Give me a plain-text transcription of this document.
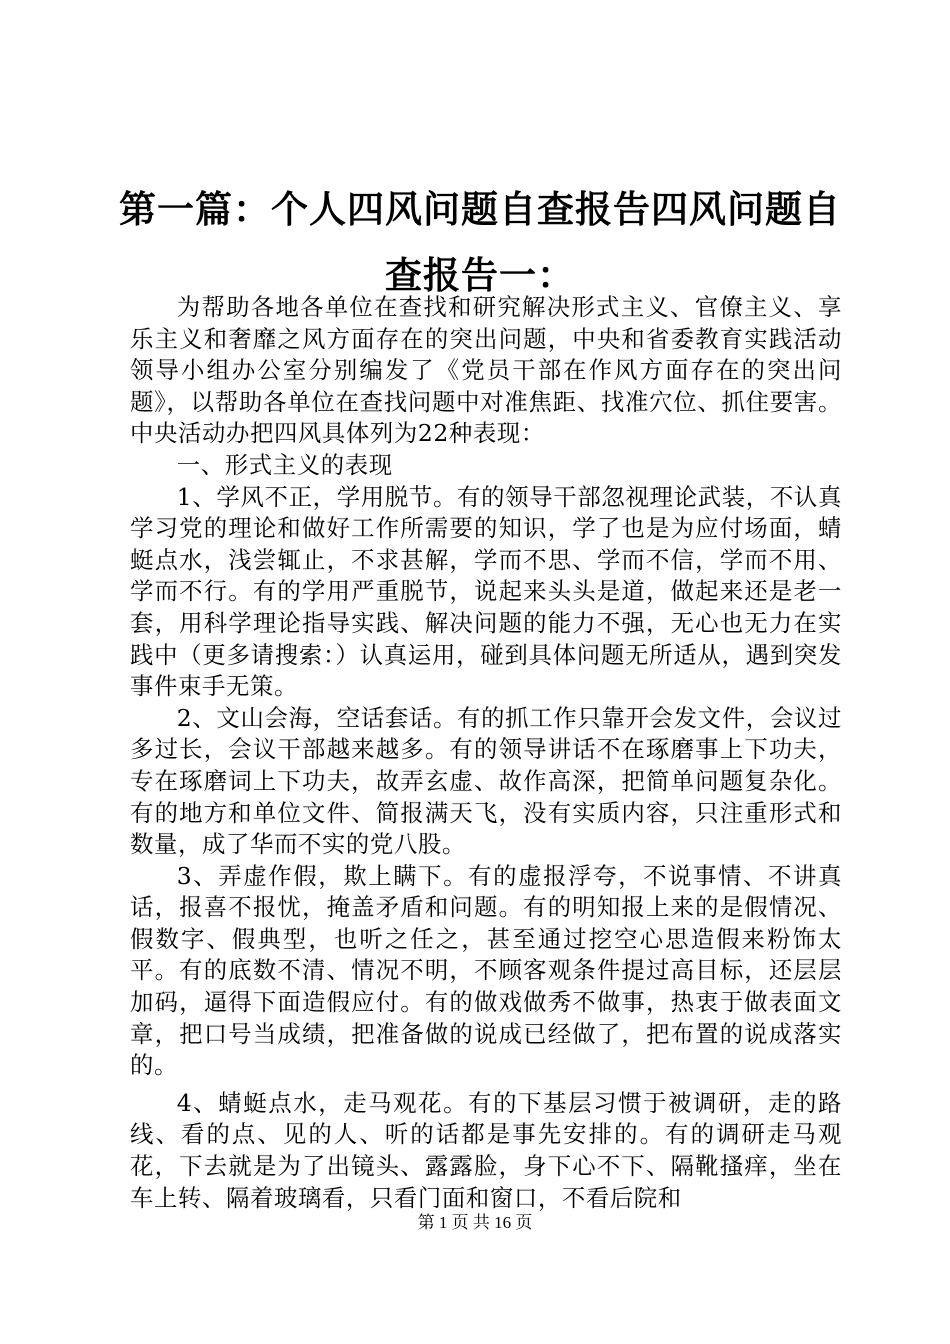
第一篇：个人四风问题自查报告四风问题自查报告一：

为帮助各地各单位在查找和研究解决形式主义、官僚主义、享乐主义和奢靡之风方面存在的突出问题，中央和省委教育实践活动领导小组办公室分别编发了《党员干部在作风方面存在的突出问题》，以帮助各单位在查找问题中对准焦距、找准穴位、抓住要害。中央活动办把四风具体列为22种表现：

一、形式主义的表现

1、学风不正，学用脱节。有的领导干部忽视理论武装，不认真学习党的理论和做好工作所需要的知识，学了也是为应付场面，蜻蜓点水，浅尝辄止，不求甚解，学而不思、学而不信，学而不用、学而不行。有的学用严重脱节，说起来头头是道，做起来还是老一套，用科学理论指导实践、解决问题的能力不强，无心也无力在实践中（更多请搜索：）认真运用，碰到具体问题无所适从，遇到突发事件束手无策。

2、文山会海，空话套话。有的抓工作只靠开会发文件，会议过多过长，会议干部越来越多。有的领导讲话不在琢磨事上下功夫，专在琢磨词上下功夫，故弄玄虚、故作高深，把简单问题复杂化。有的地方和单位文件、简报满天飞，没有实质内容，只注重形式和数量，成了华而不实的党八股。

3、弄虚作假，欺上瞒下。有的虚报浮夸，不说事情、不讲真话，报喜不报忧，掩盖矛盾和问题。有的明知报上来的是假情况、假数字、假典型，也听之任之，甚至通过挖空心思造假来粉饰太平。有的底数不清、情况不明，不顾客观条件提过高目标，还层层加码，逼得下面造假应付。有的做戏做秀不做事，热衷于做表面文章，把口号当成绩，把准备做的说成已经做了，把布置的说成落实的。

4、蜻蜓点水，走马观花。有的下基层习惯于被调研，走的路线、看的点、见的人、听的话都是事先安排的。有的调研走马观花，下去就是为了出镜头、露露脸，身下心不下、隔靴搔痒，坐在车上转、隔着玻璃看，只看门面和窗口，不看后院和

第 1 页 共 16 页
